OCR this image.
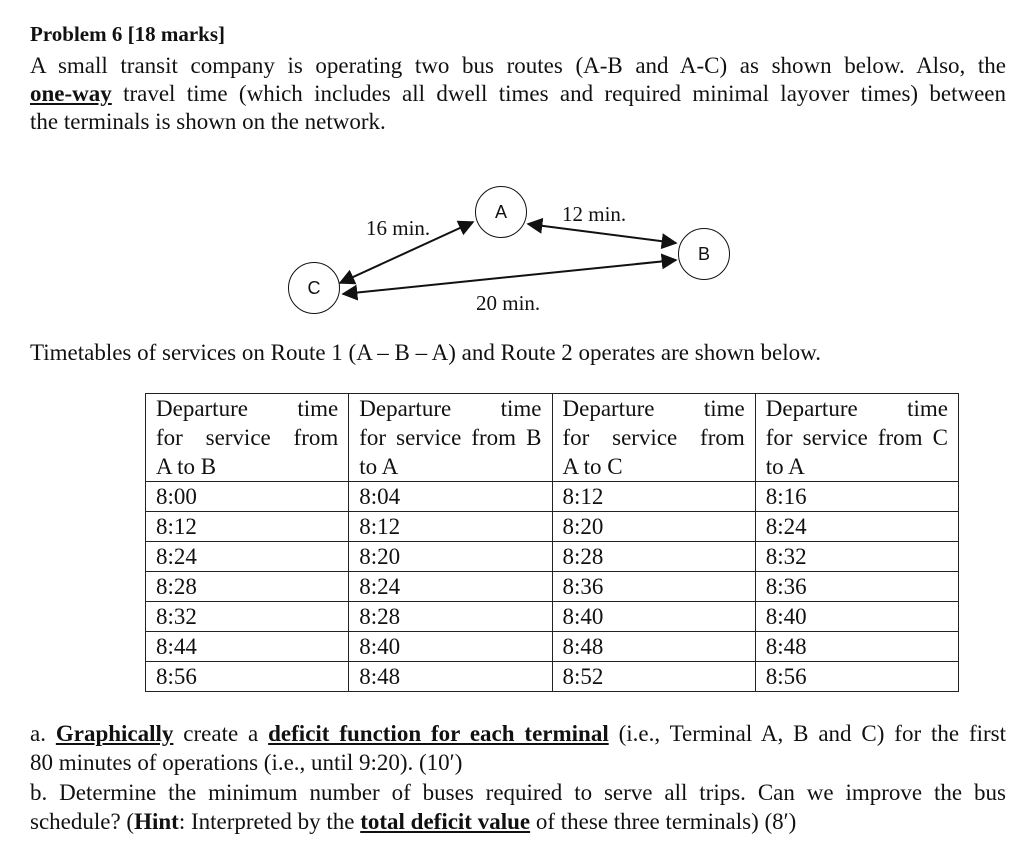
Problem 6 [18 marks]
A small transit company is operating two bus routes (A-B and A-C) as shown below. Also, the
one-way travel time (which includes all dwell times and required minimal layover times) between
the terminals is shown on the network.
A
B
C
16 min.
12 min.
20 min.
Timetables of services on Route 1 (A – B – A) and Route 2 operates are shown below.
Departure time
for service from
A to B	Departure time
for service from B
to A	Departure time
for service from
A to C	Departure time
for service from C
to A

8:00	8:04	8:12	8:16
8:12	8:12	8:20	8:24
8:24	8:20	8:28	8:32
8:28	8:24	8:36	8:36
8:32	8:28	8:40	8:40
8:44	8:40	8:48	8:48
8:56	8:48	8:52	8:56
a. Graphically create a deficit function for each terminal (i.e., Terminal A, B and C) for the first
80 minutes of operations (i.e., until 9:20). (10′)
b. Determine the minimum number of buses required to serve all trips. Can we improve the bus
schedule? (Hint: Interpreted by the total deficit value of these three terminals) (8′)
